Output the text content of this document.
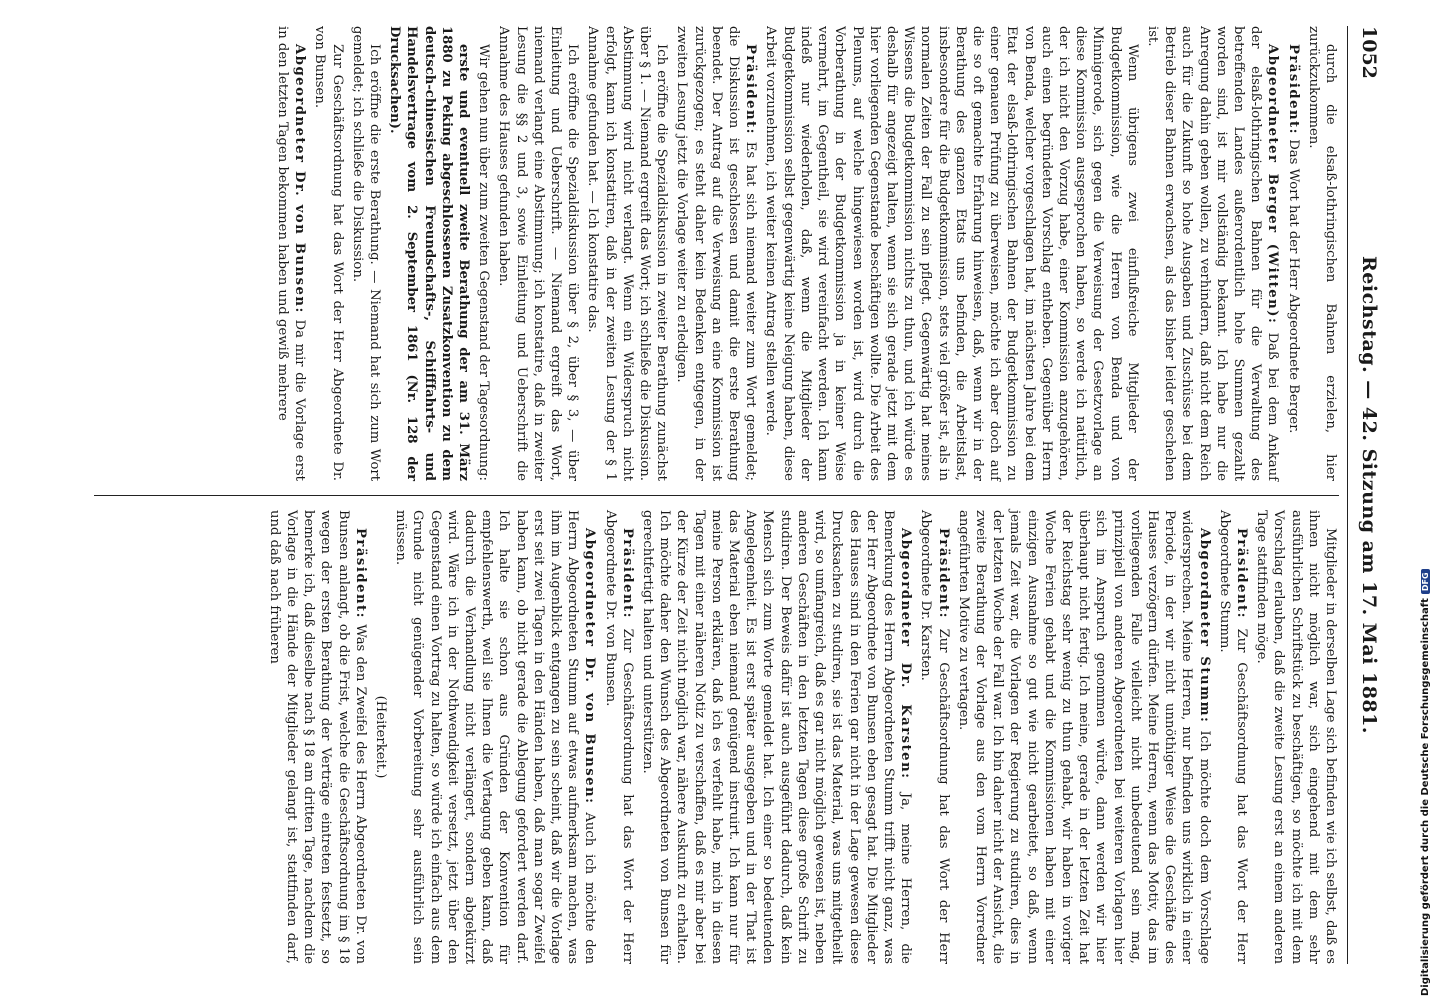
1052
Reichstag. — 42. Sitzung am 17. Mai 1881.

durch die elsaß-lothringischen Bahnen erzielen, hier zurückzukommen.

Präsident: Das Wort hat der Herr Abgeordnete Berger.

Abgeordneter Berger (Witten): Daß bei dem Ankauf der elsaß-lothringischen Bahnen für die Verwaltung des betreffenden Landes außerordentlich hohe Summen gezahlt worden sind, ist mir vollständig bekannt. Ich habe nur die Anregung dahin geben wollen, zu verhindern, daß nicht dem Reich auch für die Zukunft so hohe Ausgaben und Zuschüsse bei dem Betrieb dieser Bahnen erwachsen, als das bisher leider geschehen ist.

Wenn übrigens zwei einflußreiche Mitglieder der Budgetkommission, wie die Herren von Benda und von Minnigerode, sich gegen die Verweisung der Gesetzvorlage an diese Kommission ausgesprochen haben, so werde ich natürlich, der ich nicht den Vorzug habe, einer Kommission anzugehören, auch einen begründeten Vorschlag entheben. Gegenüber Herrn von Benda, welcher vorgeschlagen hat, im nächsten Jahre bei dem Etat der elsaß-lothringischen Bahnen der Budgetkommission zu einer genauen Prüfung zu überweisen, möchte ich aber doch auf die so oft gemachte Erfahrung hinweisen, daß, wenn wir in der Berathung des ganzen Etats uns befinden, die Arbeitslast, insbesondere für die Budgetkommission, stets viel größer ist, als in normalen Zeiten der Fall zu sein pflegt. Gegenwärtig hat meines Wissens die Budgetkommission nichts zu thun, und ich würde es deshalb für angezeigt halten, wenn sie sich gerade jetzt mit dem hier vorliegenden Gegenstande beschäftigen wollte. Die Arbeit des Plenums, auf welche hingewiesen worden ist, wird durch die Vorberathung in der Budgetkommission ja in keiner Weise vermehrt, im Gegentheil, sie wird vereinfacht werden. Ich kann indeß nur wiederholen, daß, wenn die Mitglieder der Budgetkommission selbst gegenwärtig keine Neigung haben, diese Arbeit vorzunehmen, ich weiter keinen Antrag stellen werde.

Präsident: Es hat sich niemand weiter zum Wort gemeldet; die Diskussion ist geschlossen und damit die erste Berathung beendet. Der Antrag auf die Verweisung an eine Kommission ist zurückgezogen; es steht daher kein Bedenken entgegen, in der zweiten Lesung jetzt die Vorlage weiter zu erledigen.

Ich eröffne die Spezialdiskussion in zweiter Berathung zunächst über § 1. — Niemand ergreift das Wort; ich schließe die Diskussion. Abstimmung wird nicht verlangt. Wenn ein Widerspruch nicht erfolgt, kann ich konstatiren, daß in der zweiten Lesung der § 1 Annahme gefunden hat. — Ich konstatire das.

Ich eröffne die Spezialdiskussion über § 2, über § 3, — über Einleitung und Ueberschrift. — Niemand ergreift das Wort, niemand verlangt eine Abstimmung; ich konstatire, daß in zweiter Lesung die §§ 2 und 3, sowie Einleitung und Ueberschrift die Annahme des Hauses gefunden haben.

Wir gehen nun über zum zweiten Gegenstand der Tagesordnung:

erste und eventuell zweite Berathung der am 31. März 1880 zu Peking abgeschlossenen Zusatzkonvention zu dem deutsch-chinesischen Freundschafts-, Schifffahrts- und Handelsvertrage vom 2. September 1861 (Nr. 128 der Drucksachen).

Ich eröffne die erste Berathung. — Niemand hat sich zum Wort gemeldet; ich schließe die Diskussion.

Zur Geschäftsordnung hat das Wort der Herr Abgeordnete Dr. von Bunsen.

Abgeordneter Dr. von Bunsen: Da mir die Vorlage erst in den letzten Tagen bekommen haben und gewiß mehrere

Mitglieder in derselben Lage sich befinden wie ich selbst, daß es ihnen nicht möglich war, sich eingehend mit dem sehr ausführlichen Schriftstück zu beschäftigen, so möchte ich mit dem Vorschlag erlauben, daß die zweite Lesung erst an einem anderen Tage stattfinden möge.

Präsident: Zur Geschäftsordnung hat das Wort der Herr Abgeordnete Stumm.

Abgeordneter Stumm: Ich möchte doch dem Vorschlage widersprechen. Meine Herren, nur befinden uns wirklich in einer Periode, in der wir nicht unnöthiger Weise die Geschäfte des Hauses verzögern dürfen. Meine Herren, wenn das Motiv, das im vorliegenden Falle vielleicht nicht unbedeutend sein mag, prinzipiell von anderen Abgeordneten bei weiteren Vorlagen hier sich im Anspruch genommen würde, dann werden wir hier überhaupt nicht fertig. Ich meine, gerade in der letzten Zeit hat der Reichstag sehr wenig zu thun gehabt, wir haben in voriger Woche Ferien gehabt und die Kommissionen haben mit einer einzigen Ausnahme so gut wie nicht gearbeitet, so daß, wenn jemals Zeit war, die Vorlagen der Regierung zu studiren, dies in der letzten Woche der Fall war. Ich bin daher nicht der Ansicht, die zweite Berathung der Vorlage aus den vom Herrn Vorredner angeführten Motive zu vertagen.

Präsident: Zur Geschäftsordnung hat das Wort der Herr Abgeordnete Dr. Karsten.

Abgeordneter Dr. Karsten: Ja, meine Herren, die Bemerkung des Herrn Abgeordneten Stumm trifft nicht ganz, was der Herr Abgeordnete von Bunsen eben gesagt hat. Die Mitglieder des Hauses sind in den Ferien gar nicht in der Lage gewesen diese Drucksachen zu studiren, sie ist das Material, was uns mitgetheilt wird, so umfangreich, daß es gar nicht möglich gewesen ist, neben anderen Geschäften in den letzten Tagen diese große Schrift zu studiren. Der Beweis dafür ist auch ausgeführt dadurch, daß kein Mensch sich zum Worte gemeldet hat. Ich einer so bedeutenden Angelegenheit. Es ist erst später ausgegeben und in der That ist das Material eben niemand genügend instruirt. Ich kann nur für meine Person erklären, daß ich es verfehlt habe, mich in diesen Tagen mit einer näheren Notiz zu verschaffen, daß es mir aber bei der Kürze der Zeit nicht möglich war, nähere Auskunft zu erhalten. Ich möchte daher den Wunsch des Abgeordneten von Bunsen für gerechtfertigt halten und unterstützen.

Präsident: Zur Geschäftsordnung hat das Wort der Herr Abgeordnete Dr. von Bunsen.

Abgeordneter Dr. von Bunsen: Auch ich möchte den Herrn Abgeordneten Stumm auf etwas aufmerksam machen, was ihm im Augenblick entgangen zu sein scheint, daß wir die Vorlage erst seit zwei Tagen in den Händen haben, daß man sogar Zweifel haben kann, ob nicht gerade die Ablegung gefordert werden darf. Ich halte sie schon aus Gründen der Konvention für empfehlenswerth, weil sie Ihnen die Vertagung geben kann, daß dadurch die Verhandlung nicht verlängert, sondern abgekürzt wird. Wäre ich in der Nothwendigkeit versetzt, jetzt über den Gegenstand einen Vortrag zu halten, so würde ich einfach aus dem Grunde nicht genügender Vorbereitung sehr ausführlich sein müssen.

(Heiterkeit.)

Präsident: Was den Zweifel des Herrn Abgeordneten Dr. von Bunsen anlangt, ob die Frist, welche die Geschäftsordnung im § 18 wegen der ersten Berathung der Verträge eintreten festsetzt, so bemerke ich, daß dieselbe nach § 18 am dritten Tage, nachdem die Vorlage in die Hände der Mitglieder gelangt ist, stattfinden darf, und daß nach früheren

Digitalisierung gefördert durch die Deutsche ForschungsgemeinschaftDFG
